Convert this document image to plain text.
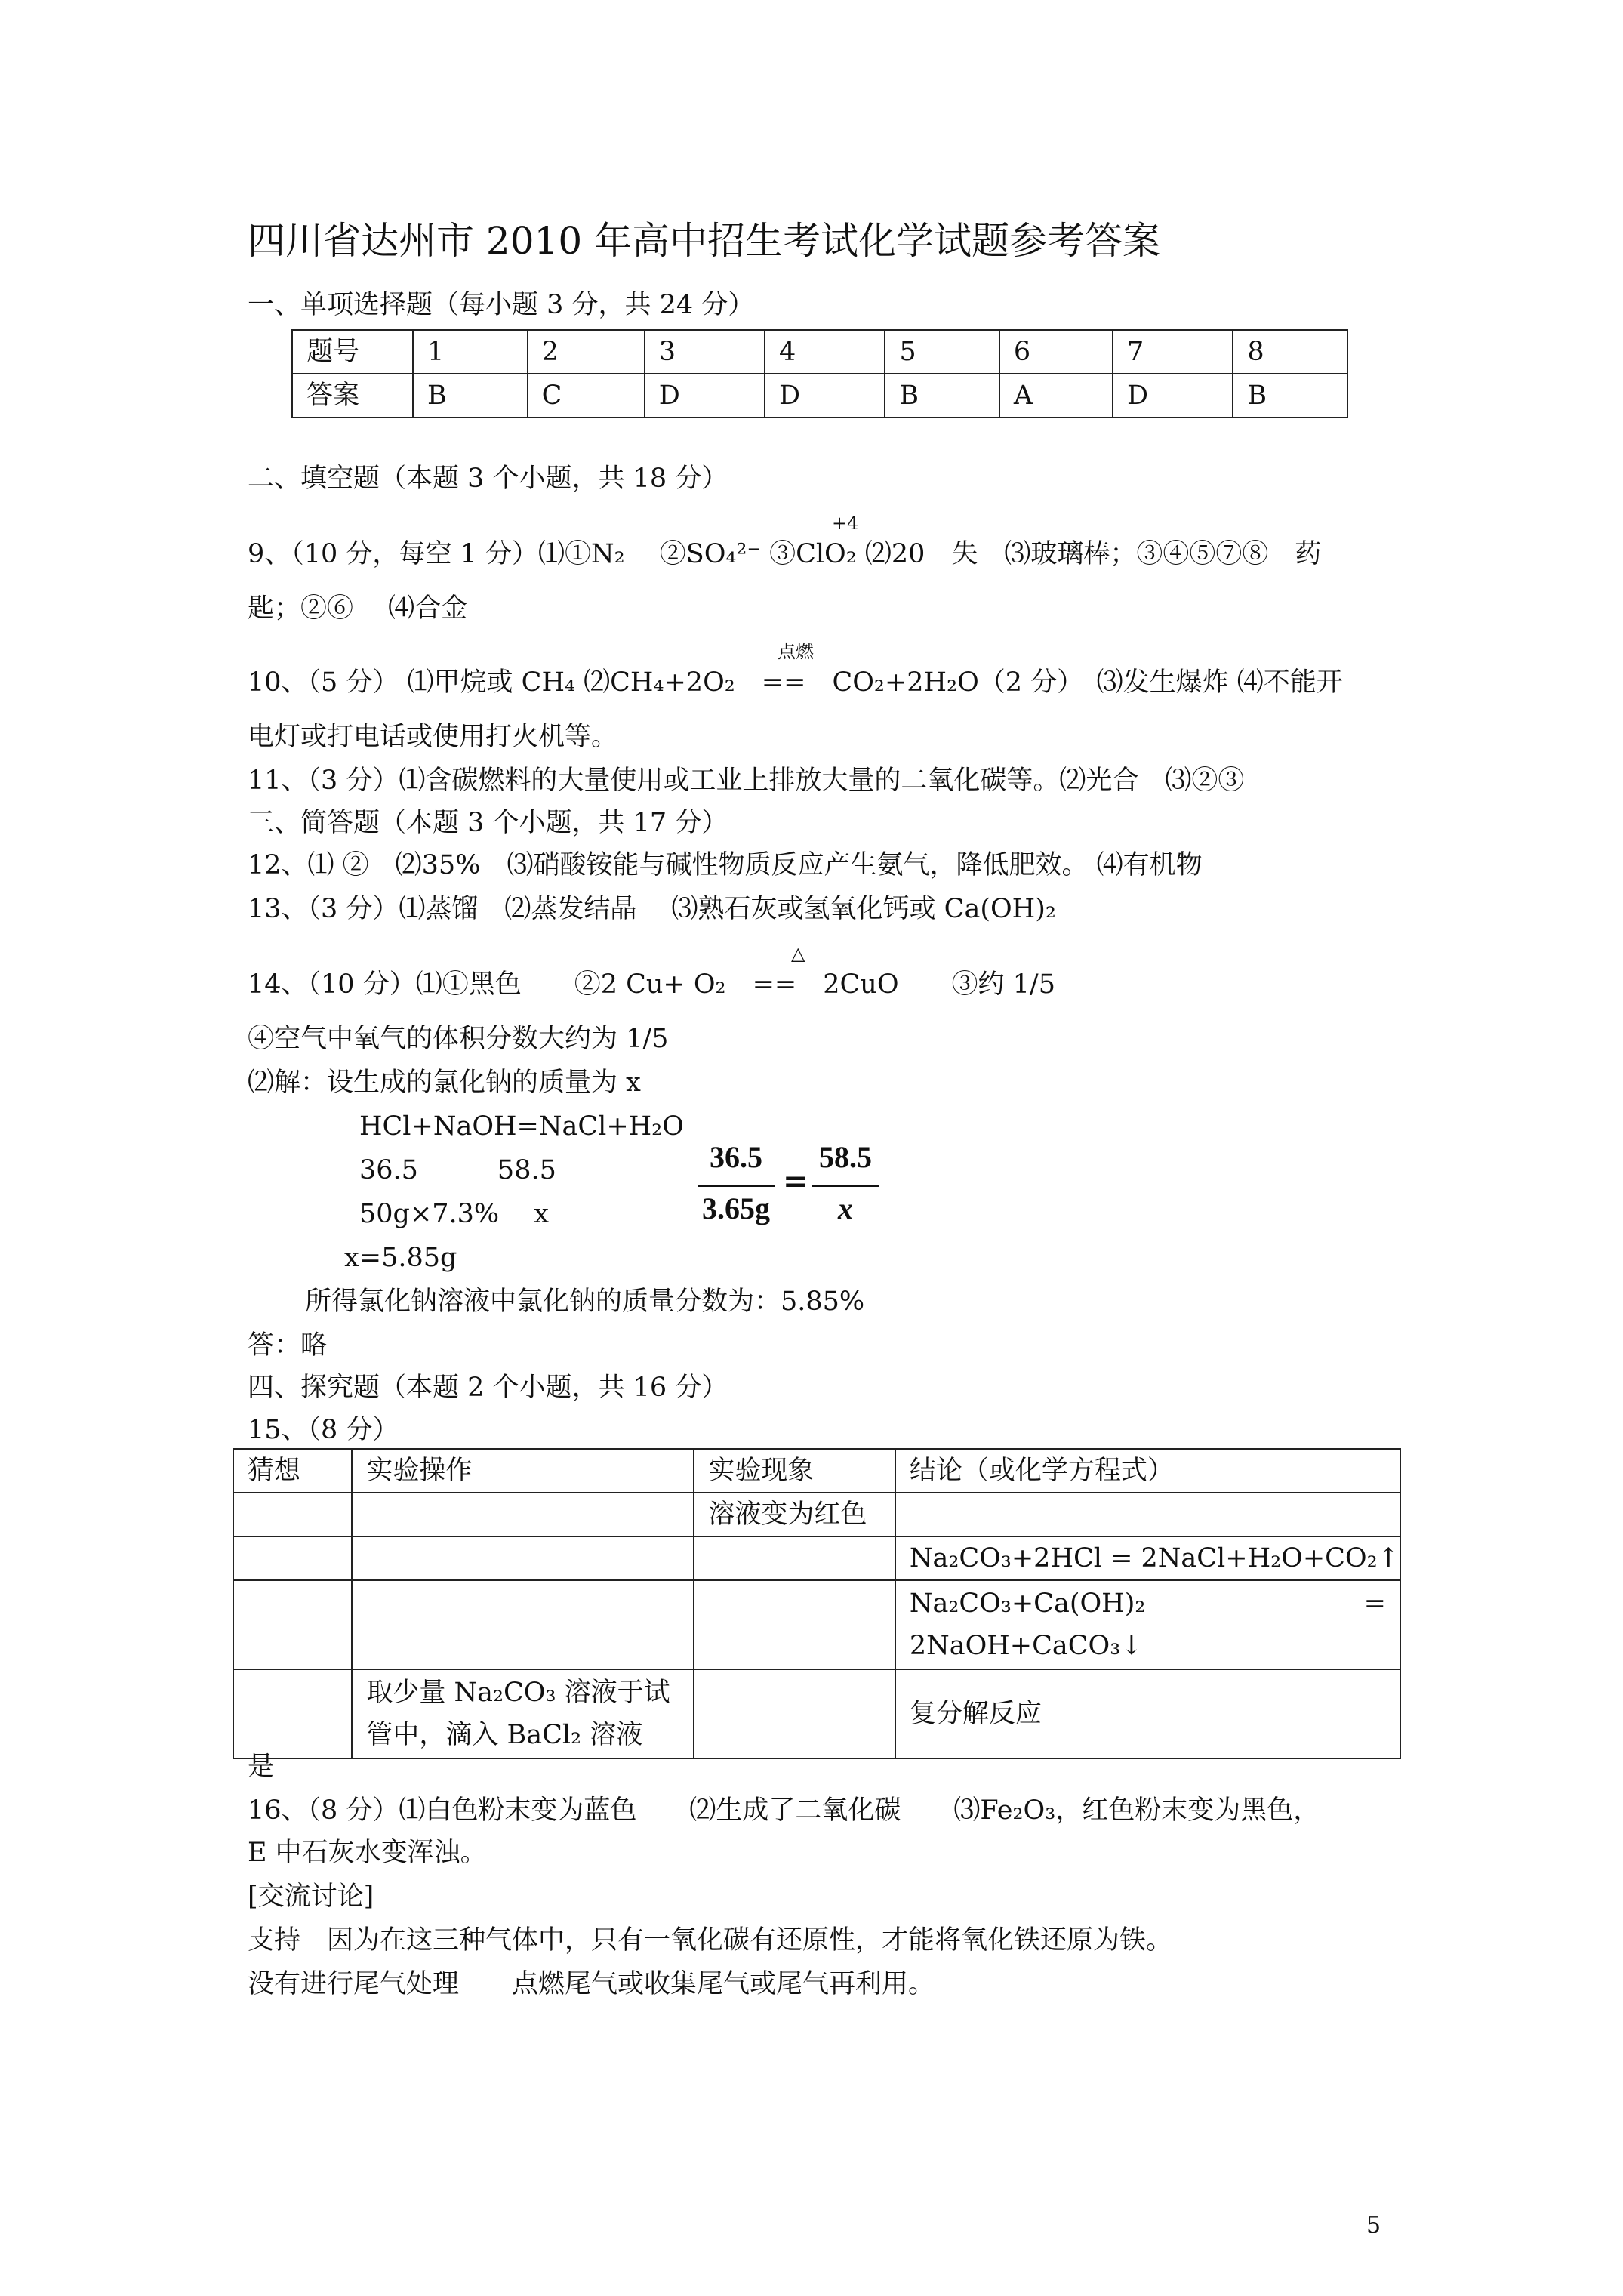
四川省达州市 2010 年高中招生考试化学试题参考答案
一、单项选择题（每小题 3 分，共 24 分）
题号	1	2	3	4	5	6	7	8
答案	B	C	D	D	B	A	D	B
二、填空题（本题 3 个小题，共 18 分）
+4
9、（10 分，每空 1 分）⑴①N₂　 ②SO₄²⁻ ③ClO₂ ⑵20　失　⑶玻璃棒；③④⑤⑦⑧　药
匙；②⑥　 ⑷合金
点燃
10、（5 分） ⑴甲烷或 CH₄ ⑵CH₄+2O₂　==　CO₂+2H₂O（2 分）　⑶发生爆炸 ⑷不能开
电灯或打电话或使用打火机等。
11、（3 分）⑴含碳燃料的大量使用或工业上排放大量的二氧化碳等。⑵光合　⑶②③
三、简答题（本题 3 个小题，共 17 分）
12、⑴ ②　⑵35%　⑶硝酸铵能与碱性物质反应产生氨气，降低肥效。 ⑷有机物
13、（3 分）⑴蒸馏　⑵蒸发结晶　 ⑶熟石灰或氢氧化钙或 Ca(OH)₂
△
14、（10 分）⑴①黑色　　②2 Cu+ O₂　==　2CuO　　③约 1/5
④空气中氧气的体积分数大约为 1/5
⑵解：设生成的氯化钠的质量为 x
HCl+NaOH=NaCl+H₂O
36.5　　　58.5
50g×7.3%　 x
36.5
3.65g
=
58.5
x
x=5.85g
所得氯化钠溶液中氯化钠的质量分数为：5.85%
答：略
四、探究题（本题 2 个小题，共 16 分）
15、（8 分）
猜想	实验操作	实验现象	结论（或化学方程式）
		溶液变为红色	
			Na₂CO₃+2HCl = 2NaCl+H₂O+CO₂↑

			Na₂CO₃+Ca(OH)₂ =
2NaOH+CaCO₃↓

	取少量 Na₂CO₃ 溶液于试
管中，滴入 BaCl₂ 溶液		复分解反应
是
16、（8 分）⑴白色粉末变为蓝色　　⑵生成了二氧化碳　　⑶Fe₂O₃，红色粉末变为黑色，
E 中石灰水变浑浊。
[交流讨论]
支持　因为在这三种气体中，只有一氧化碳有还原性，才能将氧化铁还原为铁。
没有进行尾气处理　　点燃尾气或收集尾气或尾气再利用。
5
